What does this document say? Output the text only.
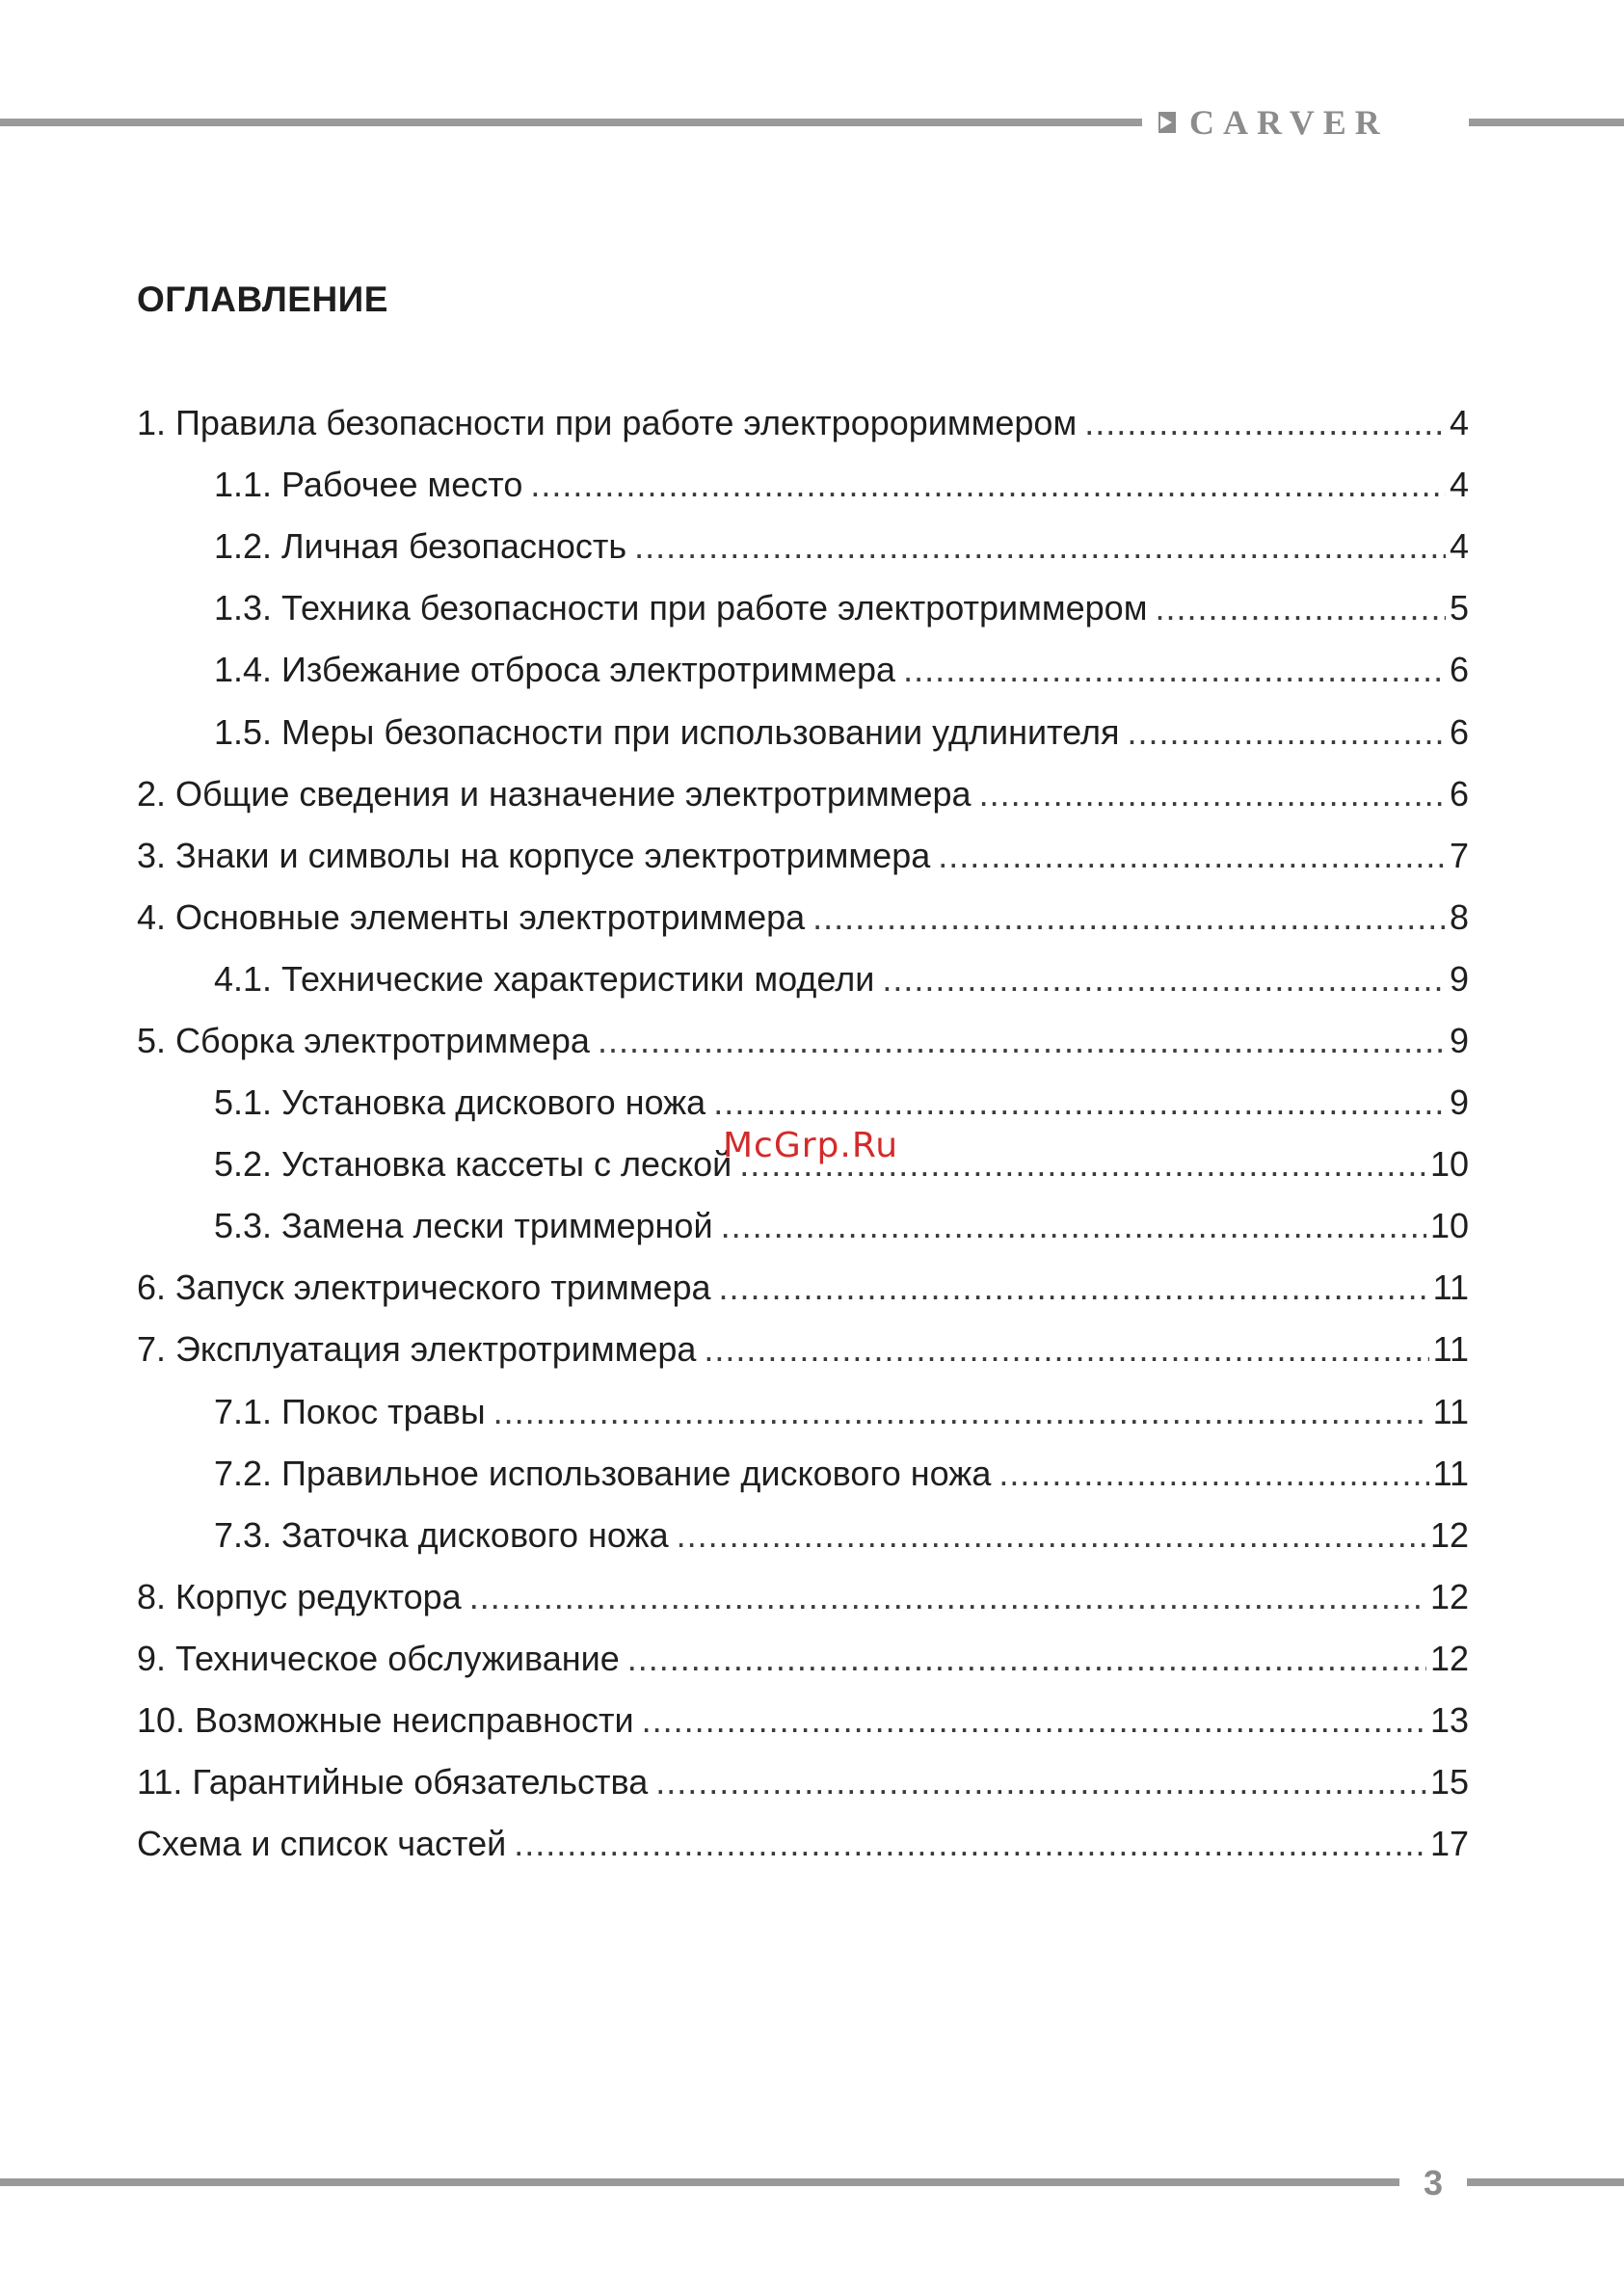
CARVER
ОГЛАВЛЕНИЕ
1. Правила безопасности при работе электророриммером .....	4
1.1. Рабочее место .....	4
1.2. Личная безопасность .....	4
1.3. Техника безопасности при работе электротриммером .....	5
1.4. Избежание отброса электротриммера .....	6
1.5. Меры безопасности при использовании удлинителя .....	6
2. Общие сведения и назначение электротриммера .....	6
3. Знаки и символы на корпусе электротриммера .....	7
4. Основные элементы электротриммера .....	8
4.1. Технические характеристики модели .....	9
5. Сборка электротриммера .....	9
5.1. Установка дискового ножа .....	9
5.2. Установка кассеты с леской .....	10
5.3. Замена лески триммерной .....	10
6. Запуск электрического триммера .....	11
7. Эксплуатация электротриммера .....	11
7.1. Покос травы .....	11
7.2. Правильное использование дискового ножа .....	11
7.3. Заточка дискового ножа .....	12
8. Корпус редуктора .....	12
9. Техническое обслуживание .....	12
10. Возможные неисправности .....	13
11. Гарантийные обязательства .....	15
Схема и список частей .....	17
McGrp.Ru
3
